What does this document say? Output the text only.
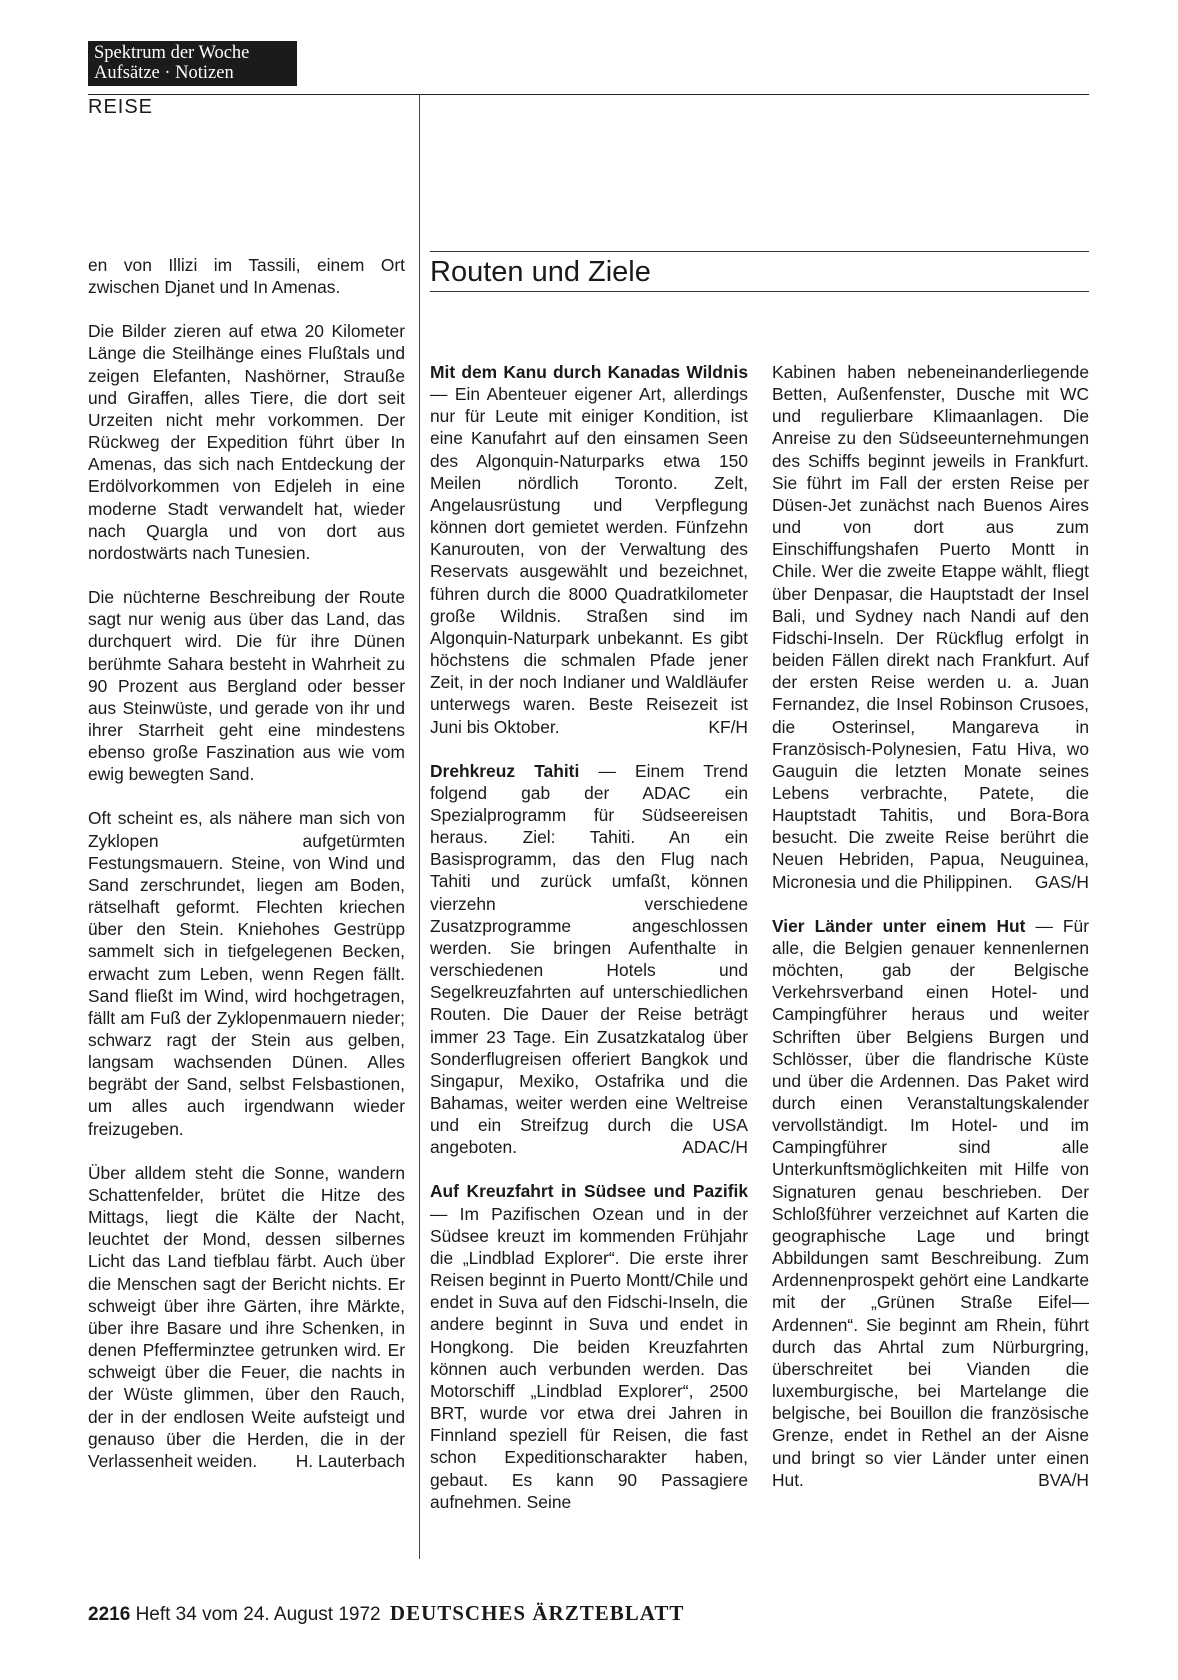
Spektrum der Woche
Aufsätze · Notizen
REISE

en von Illizi im Tassili, einem Ort zwischen Djanet und In Amenas.

Die Bilder zieren auf etwa 20 Kilometer Länge die Steilhänge eines Flußtals und zeigen Elefanten, Nashörner, Strauße und Giraffen, alles Tiere, die dort seit Urzeiten nicht mehr vorkommen. Der Rückweg der Expedition führt über In Amenas, das sich nach Entdeckung der Erdölvorkommen von Edjeleh in eine moderne Stadt verwandelt hat, wieder nach Quargla und von dort aus nordostwärts nach Tunesien.

Die nüchterne Beschreibung der Route sagt nur wenig aus über das Land, das durchquert wird. Die für ihre Dünen berühmte Sahara besteht in Wahrheit zu 90 Prozent aus Bergland oder besser aus Steinwüste, und gerade von ihr und ihrer Starrheit geht eine mindestens ebenso große Faszination aus wie vom ewig bewegten Sand.

Oft scheint es, als nähere man sich von Zyklopen aufgetürmten Festungsmauern. Steine, von Wind und Sand zerschrundet, liegen am Boden, rätselhaft geformt. Flechten kriechen über den Stein. Kniehohes Gestrüpp sammelt sich in tiefgelegenen Becken, erwacht zum Leben, wenn Regen fällt. Sand fließt im Wind, wird hochgetragen, fällt am Fuß der Zyklopenmauern nieder; schwarz ragt der Stein aus gelben, langsam wachsenden Dünen. Alles begräbt der Sand, selbst Felsbastionen, um alles auch irgendwann wieder freizugeben.

Über alldem steht die Sonne, wandern Schattenfelder, brütet die Hitze des Mittags, liegt die Kälte der Nacht, leuchtet der Mond, dessen silbernes Licht das Land tiefblau färbt. Auch über die Menschen sagt der Bericht nichts. Er schweigt über ihre Gärten, ihre Märkte, über ihre Basare und ihre Schenken, in denen Pfefferminztee getrunken wird. Er schweigt über die Feuer, die nachts in der Wüste glimmen, über den Rauch, der in der endlosen Weite aufsteigt und genauso über die Herden, die in der Verlassenheit weiden. H. Lauterbach

Routen und Ziele

Mit dem Kanu durch Kanadas Wildnis — Ein Abenteuer eigener Art, allerdings nur für Leute mit einiger Kondition, ist eine Kanufahrt auf den einsamen Seen des Algonquin-Naturparks etwa 150 Meilen nördlich Toronto. Zelt, Angelausrüstung und Verpflegung können dort gemietet werden. Fünfzehn Kanurouten, von der Verwaltung des Reservats ausgewählt und bezeichnet, führen durch die 8000 Quadratkilometer große Wildnis. Straßen sind im Algonquin-Naturpark unbekannt. Es gibt höchstens die schmalen Pfade jener Zeit, in der noch Indianer und Waldläufer unterwegs waren. Beste Reisezeit ist Juni bis Oktober.	KF/H

Drehkreuz Tahiti — Einem Trend folgend gab der ADAC ein Spezialprogramm für Südseereisen heraus. Ziel: Tahiti. An ein Basisprogramm, das den Flug nach Tahiti und zurück umfaßt, können vierzehn verschiedene Zusatzprogramme angeschlossen werden. Sie bringen Aufenthalte in verschiedenen Hotels und Segelkreuzfahrten auf unterschiedlichen Routen. Die Dauer der Reise beträgt immer 23 Tage. Ein Zusatzkatalog über Sonderflugreisen offeriert Bangkok und Singapur, Mexiko, Ostafrika und die Bahamas, weiter werden eine Weltreise und ein Streifzug durch die USA angeboten.	ADAC/H

Auf Kreuzfahrt in Südsee und Pazifik — Im Pazifischen Ozean und in der Südsee kreuzt im kommenden Frühjahr die „Lindblad Explorer“. Die erste ihrer Reisen beginnt in Puerto Montt/Chile und endet in Suva auf den Fidschi-Inseln, die andere beginnt in Suva und endet in Hongkong. Die beiden Kreuzfahrten können auch verbunden werden. Das Motorschiff „Lindblad Explorer“, 2500 BRT, wurde vor etwa drei Jahren in Finnland speziell für Reisen, die fast schon Expeditionscharakter haben, gebaut. Es kann 90 Passagiere aufnehmen. Seine

Kabinen haben nebeneinanderliegende Betten, Außenfenster, Dusche mit WC und regulierbare Klimaanlagen. Die Anreise zu den Südseeunternehmungen des Schiffs beginnt jeweils in Frankfurt. Sie führt im Fall der ersten Reise per Düsen-Jet zunächst nach Buenos Aires und von dort aus zum Einschiffungshafen Puerto Montt in Chile. Wer die zweite Etappe wählt, fliegt über Denpasar, die Hauptstadt der Insel Bali, und Sydney nach Nandi auf den Fidschi-Inseln. Der Rückflug erfolgt in beiden Fällen direkt nach Frankfurt. Auf der ersten Reise werden u. a. Juan Fernandez, die Insel Robinson Crusoes, die Osterinsel, Mangareva in Französisch-Polynesien, Fatu Hiva, wo Gauguin die letzten Monate seines Lebens verbrachte, Patete, die Hauptstadt Tahitis, und Bora-Bora besucht. Die zweite Reise berührt die Neuen Hebriden, Papua, Neuguinea, Micronesia und die Philippinen. GAS/H

Vier Länder unter einem Hut — Für alle, die Belgien genauer kennenlernen möchten, gab der Belgische Verkehrsverband einen Hotel- und Campingführer heraus und weiter Schriften über Belgiens Burgen und Schlösser, über die flandrische Küste und über die Ardennen. Das Paket wird durch einen Veranstaltungskalender vervollständigt. Im Hotel- und im Campingführer sind alle Unterkunftsmöglichkeiten mit Hilfe von Signaturen genau beschrieben. Der Schloßführer verzeichnet auf Karten die geographische Lage und bringt Abbildungen samt Beschreibung. Zum Ardennenprospekt gehört eine Landkarte mit der „Grünen Straße Eifel—Ardennen“. Sie beginnt am Rhein, führt durch das Ahrtal zum Nürburgring, überschreitet bei Vianden die luxemburgische, bei Martelange die belgische, bei Bouillon die französische Grenze, endet in Rethel an der Aisne und bringt so vier Länder unter einen Hut.	BVA/H

2216 Heft 34 vom 24. August 1972 DEUTSCHES ÄRZTEBLATT
